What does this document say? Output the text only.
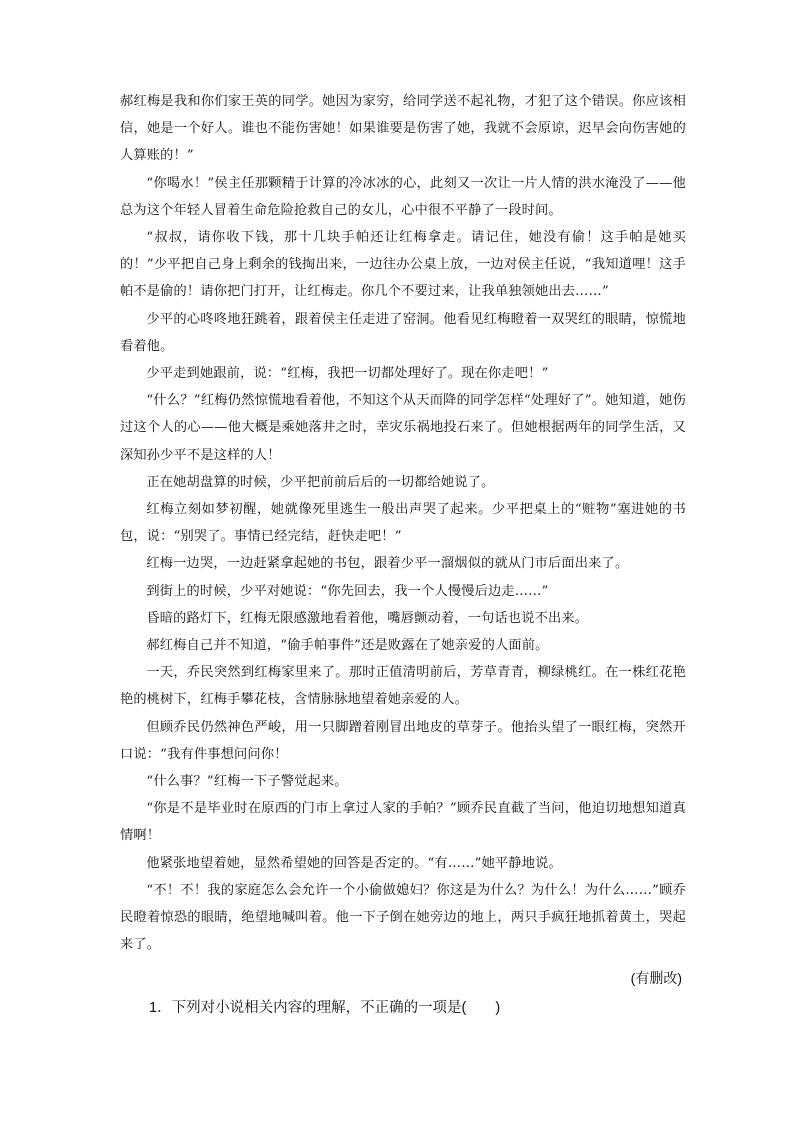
郝红梅是我和你们家王英的同学。她因为家穷，给同学送不起礼物，才犯了这个错误。你应该相信，她是一个好人。谁也不能伤害她！如果谁要是伤害了她，我就不会原谅，迟早会向伤害她的人算账的！”

“你喝水！”侯主任那颗精于计算的冷冰冰的心，此刻又一次让一片人情的洪水淹没了——他总为这个年轻人冒着生命危险抢救自己的女儿，心中很不平静了一段时间。

“叔叔，请你收下钱，那十几块手帕还让红梅拿走。请记住，她没有偷！这手帕是她买的！”少平把自己身上剩余的钱掏出来，一边往办公桌上放，一边对侯主任说，“我知道哩！这手帕不是偷的！请你把门打开，让红梅走。你几个不要过来，让我单独领她出去……”

少平的心咚咚地狂跳着，跟着侯主任走进了窑洞。他看见红梅瞪着一双哭红的眼睛，惊慌地看着他。

少平走到她跟前，说：“红梅，我把一切都处理好了。现在你走吧！”

“什么？”红梅仍然惊慌地看着他，不知这个从天而降的同学怎样“处理好了”。她知道，她伤过这个人的心——他大概是乘她落井之时，幸灾乐祸地投石来了。但她根据两年的同学生活，又深知孙少平不是这样的人！

正在她胡盘算的时候，少平把前前后后的一切都给她说了。

红梅立刻如梦初醒，她就像死里逃生一般出声哭了起来。少平把桌上的“赃物”塞进她的书包，说：“别哭了。事情已经完结，赶快走吧！”

红梅一边哭，一边赶紧拿起她的书包，跟着少平一溜烟似的就从门市后面出来了。

到街上的时候，少平对她说：“你先回去，我一个人慢慢后边走……”

昏暗的路灯下，红梅无限感激地看着他，嘴唇颤动着，一句话也说不出来。

郝红梅自己并不知道，“偷手帕事件”还是败露在了她亲爱的人面前。

一天，乔民突然到红梅家里来了。那时正值清明前后，芳草青青，柳绿桃红。在一株红花艳艳的桃树下，红梅手攀花枝，含情脉脉地望着她亲爱的人。

但顾乔民仍然神色严峻，用一只脚蹭着刚冒出地皮的草芽子。他抬头望了一眼红梅，突然开口说：“我有件事想问问你！

“什么事？”红梅一下子警觉起来。

“你是不是毕业时在原西的门市上拿过人家的手帕？”顾乔民直截了当问，他迫切地想知道真情啊！

他紧张地望着她，显然希望她的回答是否定的。“有……”她平静地说。

“不！不！我的家庭怎么会允许一个小偷做媳妇？你这是为什么？为什么！为什么……”顾乔民瞪着惊恐的眼睛，绝望地喊叫着。他一下子倒在她旁边的地上，两只手疯狂地抓着黄土，哭起来了。

(有删改)
1．下列对小说相关内容的理解，不正确的一项是(　　)
